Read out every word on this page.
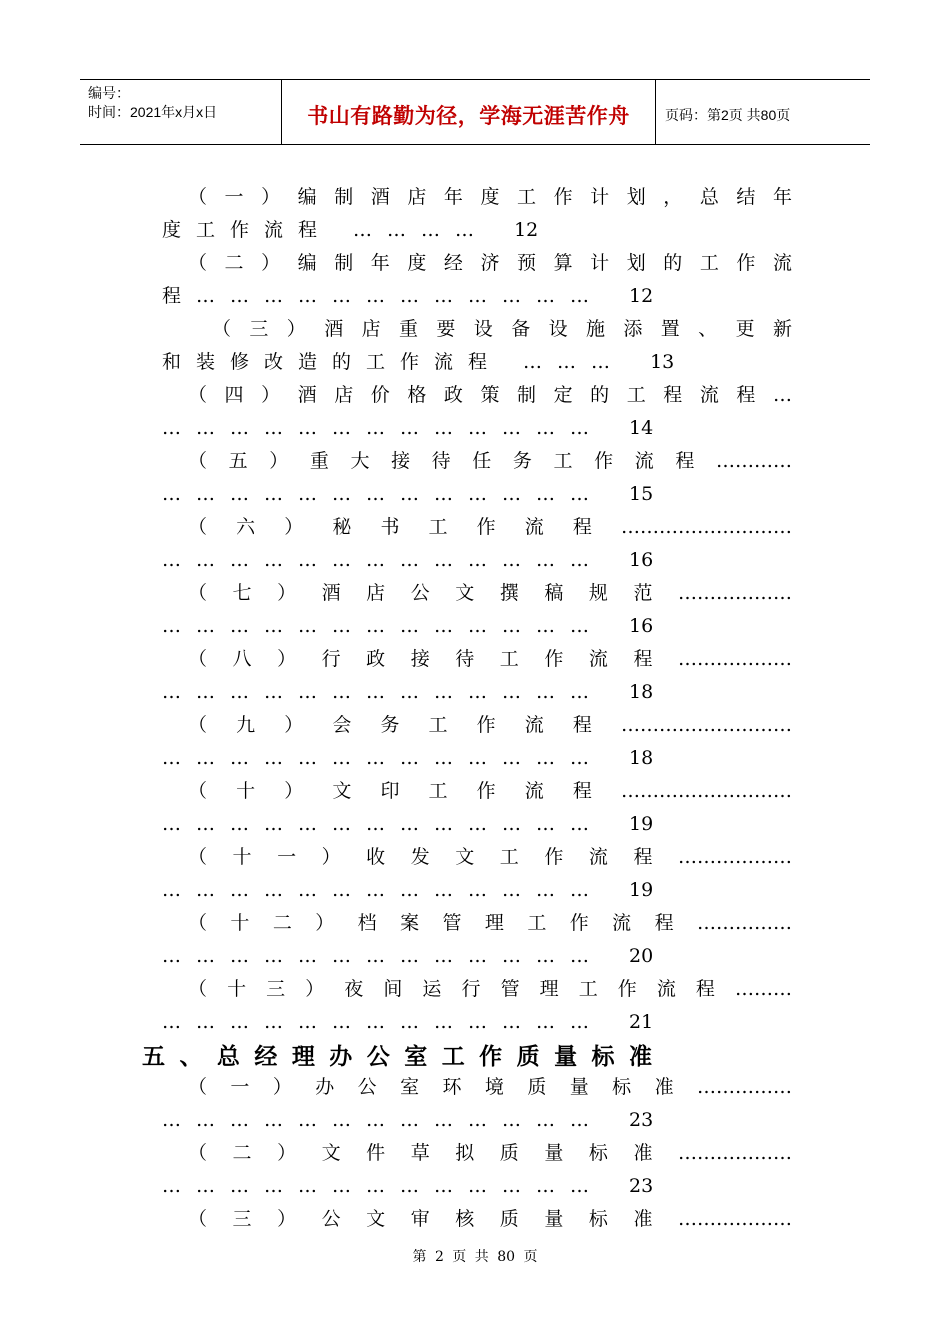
编号：
时间：2021年x月x日	书山有路勤为径，学海无涯苦作舟	页码：第2页 共80页
（一）编制酒店年度工作计划，总结年
度工作流程 ………… 12
（二）编制年度经济预算计划的工作流
程……………………………… 12
（三）酒店重要设备设施添置、更新
和装修改造的工作流程 ……… 13
（四）酒店价格政策制定的工程流程…
………………………………… 14
（五）重大接待任务工作流程…………
………………………………… 15
（六）秘书工作流程………………………
………………………………… 16
（七）酒店公文撰稿规范………………
………………………………… 16
（八）行政接待工作流程………………
………………………………… 18
（九）会务工作流程………………………
………………………………… 18
（十）文印工作流程………………………
………………………………… 19
（十一）收发文工作流程………………
………………………………… 19
（十二）档案管理工作流程……………
………………………………… 20
（十三）夜间运行管理工作流程………
………………………………… 21
五、总经理办公室工作质量标准
（一）办公室环境质量标准……………
………………………………… 23
（二）文件草拟质量标准………………
………………………………… 23
（三）公文审核质量标准………………
第 2 页 共 80 页
